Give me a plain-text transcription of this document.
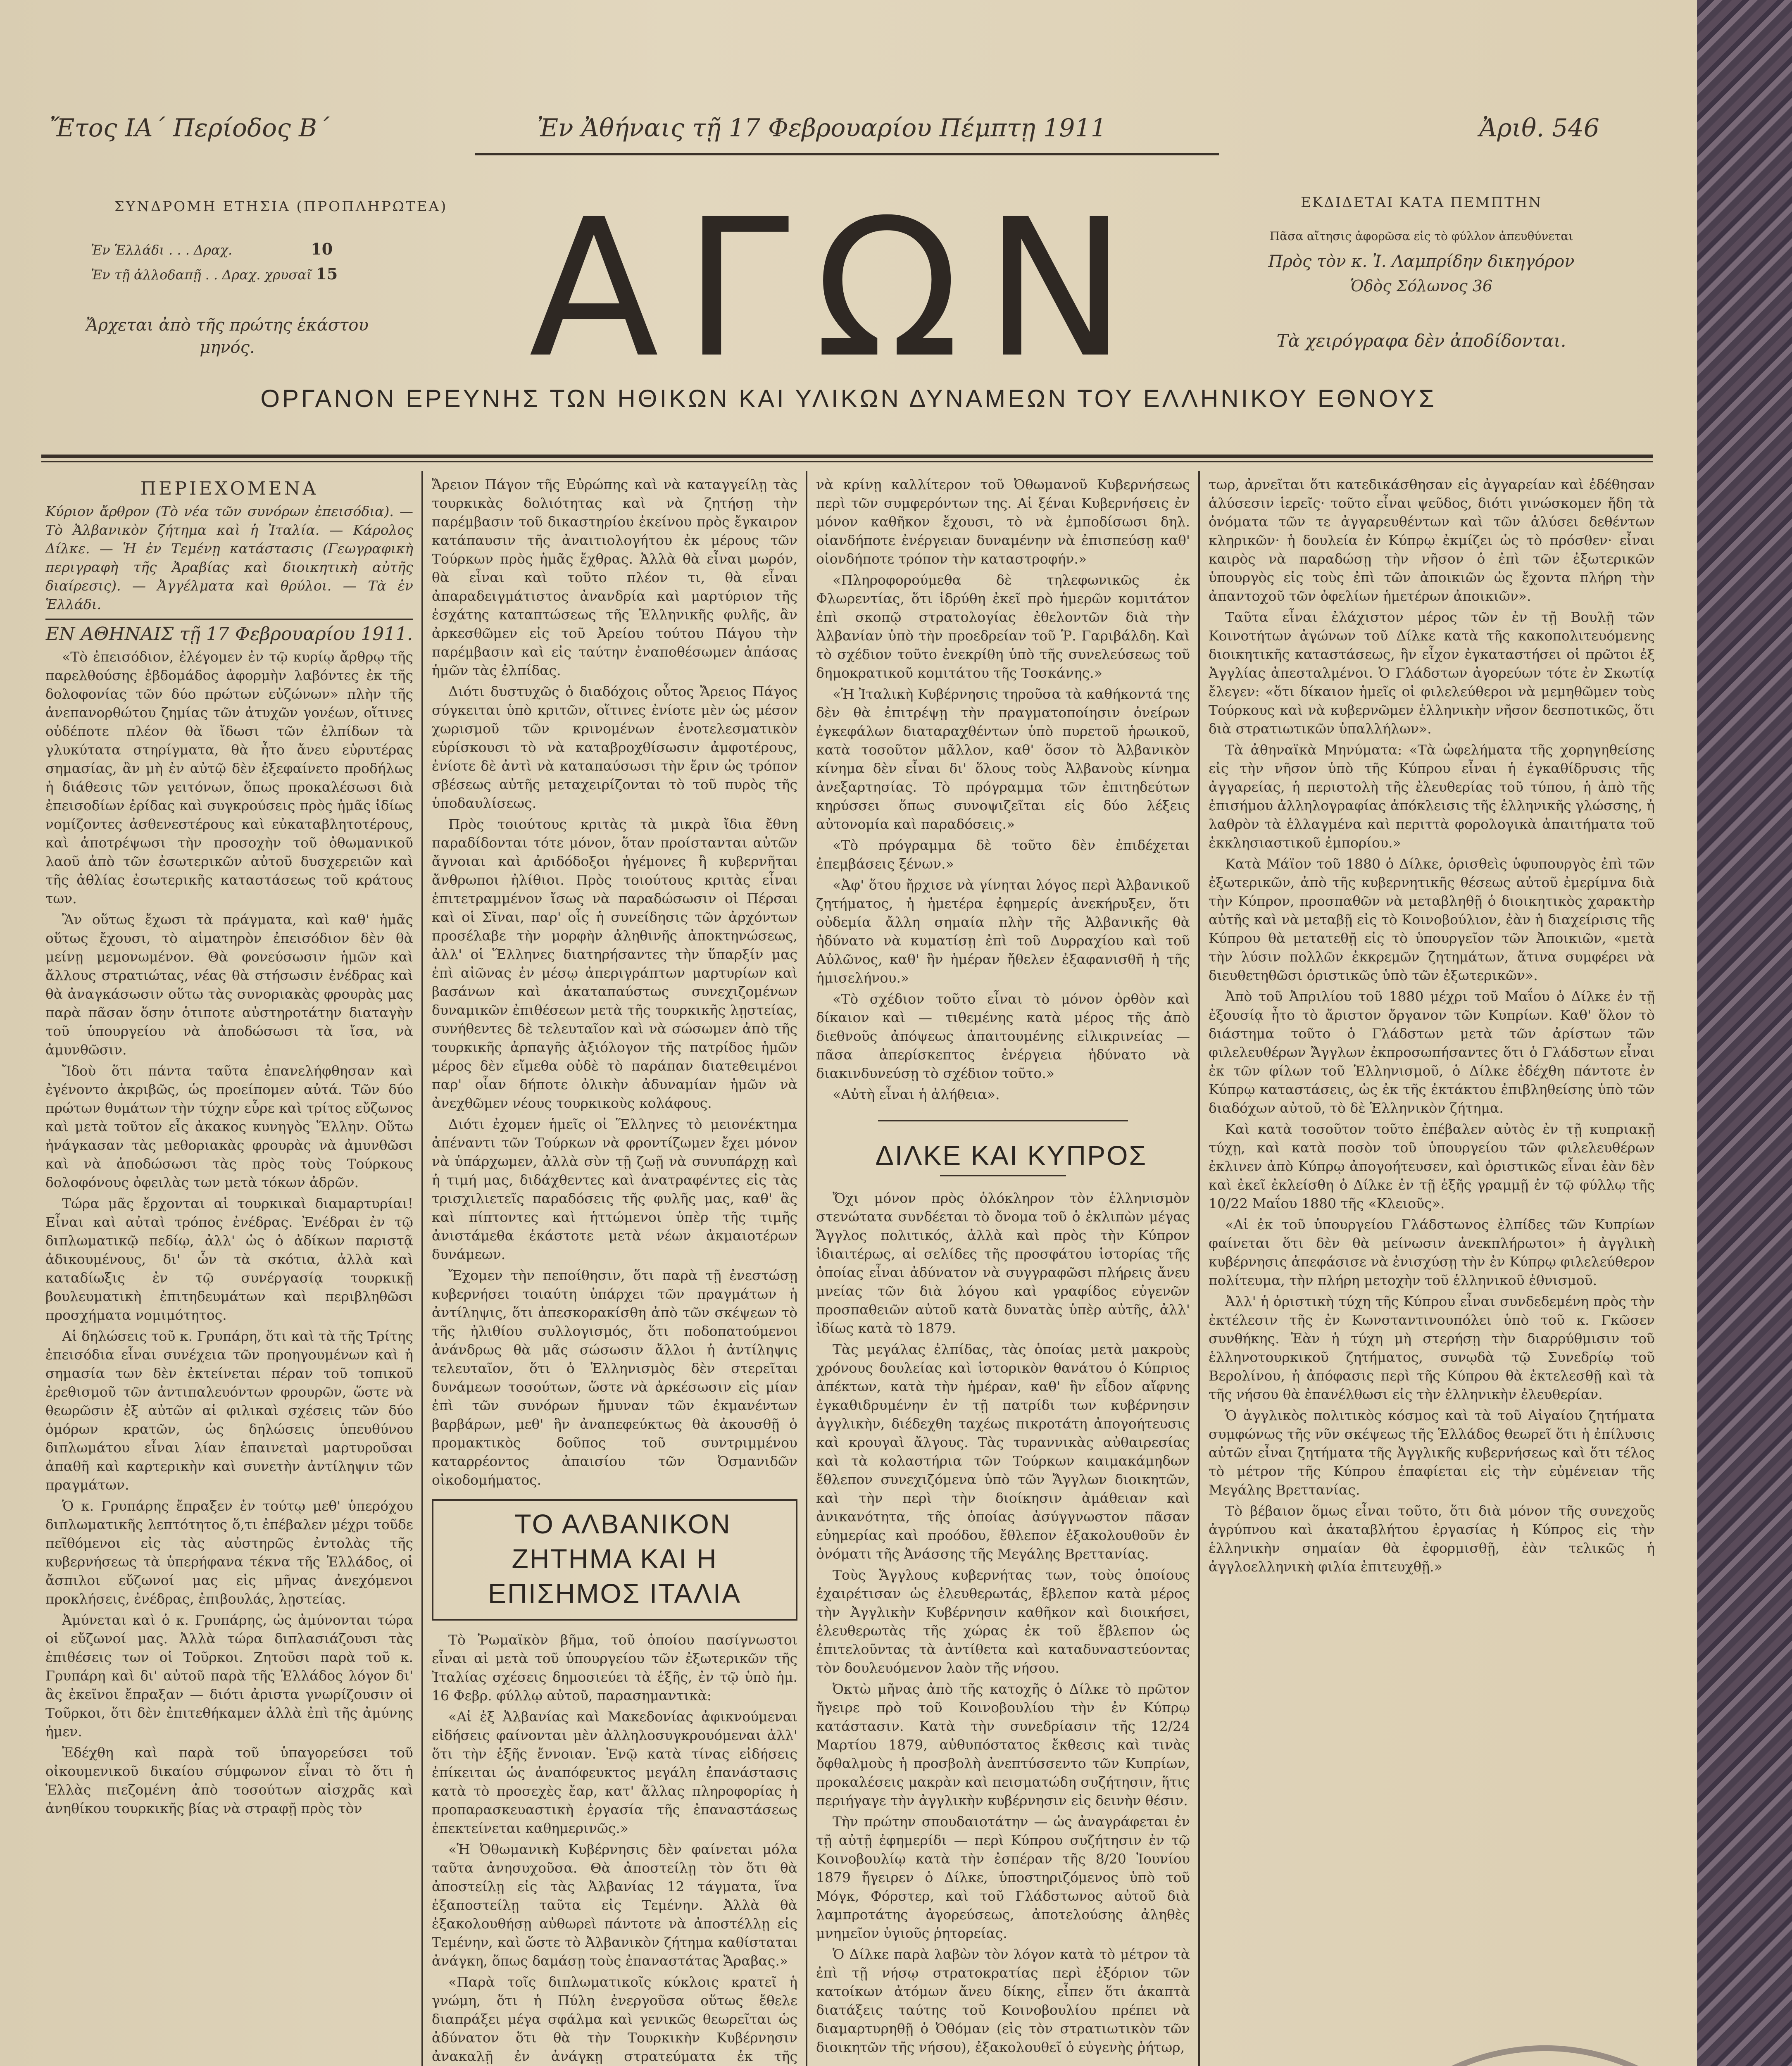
Ἔτος ΙΑ΄ Περίοδος Β΄	Ἐν Ἀθήναις τῇ 17 Φεβρουαρίου Πέμπτῃ 1911	Ἀριθ. 546
ΣΥΝΔΡΟΜΗ ΕΤΗΣΙΑ (ΠΡΟΠΛΗΡΩΤΕΑ)
Ἐν Ἑλλάδι . . . Δραχ.	10
Ἐν τῇ ἀλλοδαπῇ . . Δραχ. χρυσαῖ 15
Ἄρχεται ἀπὸ τῆς πρώτης ἑκάστου μηνός.	ΑΓΩΝ	ΕΚΔΙΔΕΤΑΙ ΚΑΤΑ ΠΕΜΠΤΗΝ
Πᾶσα αἴτησις ἀφορῶσα εἰς τὸ φύλλον ἀπευθύνεται
Πρὸς τὸν κ. Ἰ. Λαμπρίδην δικηγόρον
Ὁδὸς Σόλωνος 36
Τὰ χειρόγραφα δὲν ἀποδίδονται.
ΟΡΓΑΝΟΝ ΕΡΕΥΝΗΣ ΤΩΝ ΗΘΙΚΩΝ ΚΑΙ ΥΛΙΚΩΝ ΔΥΝΑΜΕΩΝ ΤΟΥ ΕΛΛΗΝΙΚΟΥ ΕΘΝΟΥΣ

ΠΕΡΙΕΧΟΜΕΝΑ

Κύριον ἄρθρον (Τὸ νέα τῶν συνόρων ἐπεισόδια). — Τὸ Ἀλβανικὸν ζήτημα καὶ ἡ Ἰταλία. — Κάρολος Δίλκε. — Ἡ ἐν Τεμένῃ κατάστασις (Γεωγραφικὴ περιγραφὴ τῆς Ἀραβίας καὶ διοικητικὴ αὐτῆς διαίρεσις). — Ἀγγέλματα καὶ θρύλοι. — Τὰ ἐν Ἑλλάδι.

ΕΝ ΑΘΗΝΑΙΣ τῇ 17 Φεβρουαρίου 1911.

«Τὸ ἐπεισόδιον, ἐλέγομεν ἐν τῷ κυρίῳ ἄρθρῳ τῆς παρελθούσης ἑβδομάδος ἀφορμὴν λαβόντες ἐκ τῆς δολοφονίας τῶν δύο πρώτων εὐζώνων» πλὴν τῆς ἀνεπανορθώτου ζημίας τῶν ἀτυχῶν γονέων, οἵτινες οὐδέποτε πλέον θὰ ἴδωσι τῶν ἐλπίδων τὰ γλυκύτατα στηρίγματα, θὰ ἦτο ἄνευ εὐρυτέρας σημασίας, ἂν μὴ ἐν αὐτῷ δὲν ἐξεφαίνετο προδήλως ἡ διάθεσις τῶν γειτόνων, ὅπως προκαλέσωσι διὰ ἐπεισοδίων ἐρίδας καὶ συγκρούσεις πρὸς ἡμᾶς ἰδίως νομίζοντες ἀσθενεστέρους καὶ εὐκαταβλητοτέρους, καὶ ἀποτρέψωσι τὴν προσοχὴν τοῦ ὀθωμανικοῦ λαοῦ ἀπὸ τῶν ἐσωτερικῶν αὐτοῦ δυσχερειῶν καὶ τῆς ἀθλίας ἐσωτερικῆς καταστάσεως τοῦ κράτους των.

Ἂν οὕτως ἔχωσι τὰ πράγματα, καὶ καθ' ἡμᾶς οὕτως ἔχουσι, τὸ αἱματηρὸν ἐπεισόδιον δὲν θὰ μείνῃ μεμονωμένον. Θὰ φονεύσωσιν ἡμῶν καὶ ἄλλους στρατιώτας, νέας θὰ στήσωσιν ἐνέδρας καὶ θὰ ἀναγκάσωσιν οὕτω τὰς συνοριακὰς φρουρὰς μας παρὰ πᾶσαν ὅσην ὁτιποτε αὐστηροτάτην διαταγὴν τοῦ ὑπουργείου νὰ ἀποδώσωσι τὰ ἴσα, νὰ ἀμυνθῶσιν.

Ἴδοὺ ὅτι πάντα ταῦτα ἐπανελήφθησαν καὶ ἐγένοντο ἀκριβῶς, ὡς προείπομεν αὐτά. Τῶν δύο πρώτων θυμάτων τὴν τύχην εὗρε καὶ τρίτος εὔζωνος καὶ μετὰ τοῦτον εἷς ἀκακος κυνηγὸς Ἕλλην. Οὕτω ἠνάγκασαν τὰς μεθοριακὰς φρουρὰς νὰ ἀμυνθῶσι καὶ νὰ ἀποδώσωσι τὰς πρὸς τοὺς Τούρκους δολοφόνους ὀφειλὰς των μετὰ τόκων ἀδρῶν.

Τώρα μᾶς ἔρχονται αἱ τουρκικαὶ διαμαρτυρίαι! Εἶναι καὶ αὐταὶ τρόπος ἐνέδρας. Ἐνέδραι ἐν τῷ διπλωματικῷ πεδίῳ, ἀλλ' ὡς ὁ ἀδίκων παριστᾷ ἀδικουμένους, δι' ὧν τὰ σκότια, ἀλλὰ καὶ καταδίωξις ἐν τῷ συνέργασίᾳ τουρκικῇ βουλευματικὴ ἐπιτηδευμάτων καὶ περιβληθῶσι προσχήματα νομιμότητος.

Αἱ δηλώσεις τοῦ κ. Γρυπάρη, ὅτι καὶ τὰ τῆς Τρίτης ἐπεισόδια εἶναι συνέχεια τῶν προηγουμένων καὶ ἡ σημασία των δὲν ἐκτείνεται πέραν τοῦ τοπικοῦ ἐρεθισμοῦ τῶν ἀντιπαλευόντων φρουρῶν, ὥστε νὰ θεωρῶσιν ἐξ αὐτῶν αἱ φιλικαὶ σχέσεις τῶν δύο ὁμόρων κρατῶν, ὡς δηλώσεις ὑπευθύνου διπλωμάτου εἶναι λίαν ἐπαινεταὶ μαρτυροῦσαι ἀπαθῆ καὶ καρτερικὴν καὶ συνετὴν ἀντίληψιν τῶν πραγμάτων.

Ὁ κ. Γρυπάρης ἔπραξεν ἐν τούτῳ μεθ' ὑπερόχου διπλωματικῆς λεπτότητος ὅ,τι ἐπέβαλεν μέχρι τοῦδε πεῖθόμενοι εἰς τὰς αὐστηρῶς ἐντολὰς τῆς κυβερνήσεως τὰ ὑπερήφανα τέκνα τῆς Ἑλλάδος, οἱ ἄσπιλοι εὔζωνοί μας εἰς μῆνας ἀνεχόμενοι προκλήσεις, ἐνέδρας, ἐπιβουλάς, λῃστείας.

Ἀμύνεται καὶ ὁ κ. Γρυπάρης, ὡς ἀμύνονται τώρα οἱ εὔζωνοί μας. Ἀλλὰ τώρα διπλασιάζουσι τὰς ἐπιθέσεις των οἱ Τοῦρκοι. Ζητοῦσι παρὰ τοῦ κ. Γρυπάρη καὶ δι' αὐτοῦ παρὰ τῆς Ἑλλάδος λόγον δι' ἃς ἐκεῖνοι ἔπραξαν — διότι ἀριστα γνωρίζουσιν οἱ Τοῦρκοι, ὅτι δὲν ἐπιτεθήκαμεν ἀλλὰ ἐπὶ τῆς ἀμύνης ἠμεν.

Ἐδέχθη καὶ παρὰ τοῦ ὑπαγορεύσει τοῦ οἰκουμενικοῦ δικαίου σύμφωνον εἶναι τὸ ὅτι ἡ Ἑλλὰς πιεζομένη ἀπὸ τοσούτων αἰσχρᾶς καὶ ἀνηθίκου τουρκικῆς βίας νὰ στραφῇ πρὸς τὸν

Ἄρειον Πάγον τῆς Εὐρώπης καὶ νὰ καταγγείλῃ τὰς τουρκικὰς δολιότητας καὶ νὰ ζητήσῃ τὴν παρέμβασιν τοῦ δικαστηρίου ἐκείνου πρὸς ἔγκαιρον κατάπαυσιν τῆς ἀναιτιολογήτου ἐκ μέρους τῶν Τούρκων πρὸς ἡμᾶς ἔχθρας. Ἀλλὰ θὰ εἶναι μωρόν, θὰ εἶναι καὶ τοῦτο πλέον τι, θὰ εἶναι ἀπαραδειγμάτιστος ἀνανδρία καὶ μαρτύριον τῆς ἐσχάτης καταπτώσεως τῆς Ἑλληνικῆς φυλῆς, ἂν ἀρκεσθῶμεν εἰς τοῦ Ἀρείου τούτου Πάγου τὴν παρέμβασιν καὶ εἰς ταύτην ἐναποθέσωμεν ἁπάσας ἡμῶν τὰς ἐλπίδας.

Διότι δυστυχῶς ὁ διαδόχοις οὗτος Ἄρειος Πάγος σύγκειται ὑπὸ κριτῶν, οἵτινες ἐνίοτε μὲν ὡς μέσον χωρισμοῦ τῶν κρινομένων ἐνοτελεσματικὸν εὑρίσκουσι τὸ νὰ καταβροχθίσωσιν ἀμφοτέρους, ἐνίοτε δὲ ἀντὶ νὰ καταπαύσωσι τὴν ἔριν ὡς τρόπον σβέσεως αὐτῆς μεταχειρίζονται τὸ τοῦ πυρὸς τῆς ὑποδαυλίσεως.

Πρὸς τοιούτους κριτὰς τὰ μικρὰ ἴδια ἔθνη παραδίδονται τότε μόνον, ὅταν προίστανται αὐτῶν ἄγνοιαι καὶ ἀριδόδοξοι ἡγέμονες ἢ κυβερνῆται ἄνθρωποι ἠλίθιοι. Πρὸς τοιούτους κριτὰς εἶναι ἐπιτετραμμένον ἴσως νὰ παραδώσωσιν οἱ Πέρσαι καὶ οἱ Σῖναι, παρ' οἷς ἡ συνείδησις τῶν ἀρχόντων προσέλαβε τὴν μορφὴν ἀληθινῆς ἀποκτηνώσεως, ἀλλ' οἱ Ἕλληνες διατηρήσαντες τὴν ὕπαρξίν μας ἐπὶ αἰῶνας ἐν μέσῳ ἀπεριγράπτων μαρτυρίων καὶ βασάνων καὶ ἀκαταπαύστως συνεχιζομένων δυναμικῶν ἐπιθέσεων μετὰ τῆς τουρκικῆς λῃστείας, συνήθεντες δὲ τελευταῖον καὶ νὰ σώσωμεν ἀπὸ τῆς τουρκικῆς ἀρπαγῆς ἀξιόλογον τῆς πατρίδος ἡμῶν μέρος δὲν εἴμεθα οὐδὲ τὸ παράπαν διατεθειμένοι παρ' οἷαν δήποτε ὀλικὴν ἀδυναμίαν ἡμῶν νὰ ἀνεχθῶμεν νέους τουρκικοὺς κολάφους.

Διότι ἐχομεν ἡμεῖς οἱ Ἕλληνες τὸ μειονέκτημα ἀπέναντι τῶν Τούρκων νὰ φροντίζωμεν ἔχει μόνον νὰ ὑπάρχωμεν, ἀλλὰ σὺν τῇ ζωῇ νὰ συνυπάρχῃ καὶ ἡ τιμή μας, διδάχθεντες καὶ ἀνατραφέντες εἰς τὰς τρισχιλιετεῖς παραδόσεις τῆς φυλῆς μας, καθ' ἃς καὶ πίπτοντες καὶ ἡττώμενοι ὑπὲρ τῆς τιμῆς ἀνιστάμεθα ἑκάστοτε μετὰ νέων ἀκμαιοτέρων δυνάμεων.

Ἔχομεν τὴν πεποίθησιν, ὅτι παρὰ τῇ ἐνεστώσῃ κυβερνήσει τοιαύτη ὑπάρχει τῶν πραγμάτων ἡ ἀντίληψις, ὅτι ἀπεσκορακίσθη ἀπὸ τῶν σκέψεων τὸ τῆς ἠλιθίου συλλογισμός, ὅτι ποδοπατούμενοι ἀνάνδρως θὰ μᾶς σώσωσιν ἄλλοι ἡ ἀντίληψις τελευταῖον, ὅτι ὁ Ἑλληνισμὸς δὲν στερεῖται δυνάμεων τοσούτων, ὥστε νὰ ἀρκέσωσιν εἰς μίαν ἐπὶ τῶν συνόρων ἤμυναν τῶν ἐκμανέντων βαρβάρων, μεθ' ἣν ἀναπεφεύκτως θὰ ἀκουσθῇ ὁ προμακτικὸς δοῦπος τοῦ συντριμμένου καταρρέοντος ἀπαισίου τῶν Ὀσμανιδῶν οἰκοδομήματος.

ΤΟ ΑΛΒΑΝΙΚΟΝ ΖΗΤΗΜΑ ΚΑΙ Η ΕΠΙΣΗΜΟΣ ΙΤΑΛΙΑ

Τὸ Ῥωμαϊκὸν βῆμα, τοῦ ὁποίου πασίγνωστοι εἶναι αἱ μετὰ τοῦ ὑπουργείου τῶν ἐξωτερικῶν τῆς Ἰταλίας σχέσεις δημοσιεύει τὰ ἑξῆς, ἐν τῷ ὑπὸ ἡμ. 16 Φεβρ. φύλλῳ αὐτοῦ, παρασημαντικὰ:

«Αἱ ἐξ Ἀλβανίας καὶ Μακεδονίας ἀφικνούμεναι εἰδήσεις φαίνονται μὲν ἀλληλοσυγκρουόμεναι ἀλλ' ὅτι τὴν ἑξῆς ἔννοιαν. Ἐνῷ κατὰ τίνας εἰδήσεις ἐπίκειται ὡς ἀναπόφευκτος μεγάλη ἐπανάστασις κατὰ τὸ προσεχὲς ἔαρ, κατ' ἄλλας πληροφορίας ἡ προπαρασκευαστικὴ ἐργασία τῆς ἐπαναστάσεως ἐπεκτείνεται καθημερινῶς.»

«Ἡ Ὀθωμανικὴ Κυβέρνησις δὲν φαίνεται μόλα ταῦτα ἀνησυχοῦσα. Θὰ ἀποστείλῃ τὸν ὅτι θὰ ἀποστείλῃ εἰς τὰς Ἀλβανίας 12 τάγματα, ἵνα ἐξαποστείλῃ ταῦτα εἰς Τεμένην. Ἀλλὰ θὰ ἐξακολουθήσῃ αὐθωρεὶ πάντοτε νὰ ἀποστέλλῃ εἰς Τεμένην, καὶ ὥστε τὸ Ἀλβανικὸν ζήτημα καθίσταται ἀνάγκη, ὅπως δαμάσῃ τοὺς ἐπαναστάτας Ἄραβας.»

«Παρὰ τοῖς διπλωματικοῖς κύκλοις κρατεῖ ἡ γνώμη, ὅτι ἡ Πύλη ἐνεργοῦσα οὕτως ἔθελε διαπράξει μέγα σφάλμα καὶ γενικῶς θεωρεῖται ὡς ἀδύνατον ὅτι θὰ τὴν Τουρκικὴν Κυβέρνησιν ἀνακαλῇ ἐν ἀνάγκῃ στρατεύματα ἐκ τῆς

νὰ κρίνῃ καλλίτερον τοῦ Ὀθωμανοῦ Κυβερνήσεως περὶ τῶν συμφερόντων της. Αἱ ξέναι Κυβερνήσεις ἐν μόνον καθῆκον ἔχουσι, τὸ νὰ ἐμποδίσωσι δηλ. οἱανδήποτε ἐνέργειαν δυναμένην νὰ ἐπισπεύσῃ καθ' οἱονδήποτε τρόπον τὴν καταστροφήν.»

«Πληροφορούμεθα δὲ τηλεφωνικῶς ἐκ Φλωρεντίας, ὅτι ἰδρύθη ἐκεῖ πρὸ ἡμερῶν κομιτάτον ἐπὶ σκοπῷ στρατολογίας ἐθελοντῶν διὰ τὴν Ἀλβανίαν ὑπὸ τὴν προεδρείαν τοῦ Ῥ. Γαριβάλδη. Καὶ τὸ σχέδιον τοῦτο ἐνεκρίθη ὑπὸ τῆς συνελεύσεως τοῦ δημοκρατικοῦ κομιτάτου τῆς Τοσκάνης.»

«Ἡ Ἰταλικὴ Κυβέρνησις τηροῦσα τὰ καθήκοντά της δὲν θὰ ἐπιτρέψῃ τὴν πραγματοποίησιν ὀνείρων ἐγκεφάλων διαταραχθέντων ὑπὸ πυρετοῦ ἡρωικοῦ, κατὰ τοσοῦτον μᾶλλον, καθ' ὅσον τὸ Ἀλβανικὸν κίνημα δὲν εἶναι δι' ὅλους τοὺς Ἀλβανοὺς κίνημα ἀνεξαρτησίας. Τὸ πρόγραμμα τῶν ἐπιτηδεύτων κηρύσσει ὅπως συνοψιζεῖται εἰς δύο λέξεις αὐτονομία καὶ παραδόσεις.»

«Τὸ πρόγραμμα δὲ τοῦτο δὲν ἐπιδέχεται ἐπεμβάσεις ξένων.»

«Ἀφ' ὅτου ἤρχισε νὰ γίνηται λόγος περὶ Ἀλβανικοῦ ζητήματος, ἡ ἡμετέρα ἐφημερίς ἀνεκήρυξεν, ὅτι οὐδεμία ἄλλη σημαία πλὴν τῆς Ἀλβανικῆς θὰ ἠδύνατο νὰ κυματίσῃ ἐπὶ τοῦ Δυρραχίου καὶ τοῦ Αὐλῶνος, καθ' ἣν ἡμέραν ἤθελεν ἐξαφανισθῆ ἡ τῆς ἡμισελήνου.»

«Τὸ σχέδιον τοῦτο εἶναι τὸ μόνον ὀρθὸν καὶ δίκαιον καὶ — τιθεμένης κατὰ μέρος τῆς ἀπὸ διεθνοῦς ἀπόψεως ἀπαιτουμένης εἰλικρινείας — πᾶσα ἀπερίσκεπτος ἐνέργεια ἠδύνατο νὰ διακινδυνεύσῃ τὸ σχέδιον τοῦτο.»

«Αὐτὴ εἶναι ἡ ἀλήθεια».

ΔΙΛΚΕ ΚΑΙ ΚΥΠΡΟΣ

Ὄχι μόνον πρὸς ὁλόκληρον τὸν ἑλληνισμὸν στενώτατα συνδέεται τὸ ὄνομα τοῦ ὁ ἐκλιπὼν μέγας Ἄγγλος πολιτικός, ἀλλὰ καὶ πρὸς τὴν Κύπρον ἰδιαιτέρως, αἱ σελίδες τῆς προσφάτου ἱστορίας τῆς ὁποίας εἶναι ἀδύνατον νὰ συγγραφῶσι πλήρεις ἄνευ μνείας τῶν διὰ λόγου καὶ γραφίδος εὐγενῶν προσπαθειῶν αὐτοῦ κατὰ δυνατὰς ὑπὲρ αὐτῆς, ἀλλ' ἰδίως κατὰ τὸ 1879.

Τὰς μεγάλας ἐλπίδας, τὰς ὁποίας μετὰ μακροὺς χρόνους δουλείας καὶ ἱστορικὸν θανάτου ὁ Κύπριος ἀπέκτων, κατὰ τὴν ἡμέραν, καθ' ἣν εἶδον αἴφνης ἐγκαθιδρυμένην ἐν τῇ πατρίδι των κυβέρνησιν ἀγγλικὴν, διέδεχθη ταχέως πικροτάτη ἀπογοήτευσις καὶ κρουγαὶ ἄλγους. Τὰς τυραννικὰς αὐθαιρεσίας καὶ τὰ κολαστήρια τῶν Τούρκων καιμακάμηδων ἔθλεπον συνεχιζόμενα ὑπὸ τῶν Ἄγγλων διοικητῶν, καὶ τὴν περὶ τὴν διοίκησιν ἀμάθειαν καὶ ἀνικανότητα, τῆς ὁποίας ἀσύγγνωστον πᾶσαν εὐημερίας καὶ προόδου, ἔθλεπον ἐξακολουθοῦν ἐν ὀνόματι τῆς Ἀνάσσης τῆς Μεγάλης Βρεττανίας.

Τοὺς Ἄγγλους κυβερνήτας των, τοὺς ὁποίους ἐχαιρέτισαν ὡς ἐλευθερωτάς, ἔβλεπον κατὰ μέρος τὴν Ἀγγλικὴν Κυβέρνησιν καθῆκον καὶ διοικήσει, ἐλευθερωτὰς τῆς χώρας ἐκ τοῦ ἔβλεπον ὡς ἐπιτελοῦντας τὰ ἀντίθετα καὶ καταδυναστεύοντας τὸν δουλευόμενον λαὸν τῆς νήσου.

Ὀκτὼ μῆνας ἀπὸ τῆς κατοχῆς ὁ Δίλκε τὸ πρῶτον ἤγειρε πρὸ τοῦ Κοινοβουλίου τὴν ἐν Κύπρῳ κατάστασιν. Κατὰ τὴν συνεδρίασιν τῆς 12/24 Μαρτίου 1879, αὐθυπόστατος ἔκθεσις καὶ τινὰς ὄφθαλμοὺς ἡ προσβολὴ ἀνεπτύσσεντο τῶν Κυπρίων, προκαλέσεις μακρὰν καὶ πεισματώδη συζήτησιν, ἥτις περιήγαγε τὴν ἀγγλικὴν κυβέρνησιν εἰς δεινὴν θέσιν.

Τὴν πρώτην σπουδαιοτάτην — ὡς ἀναγράφεται ἐν τῇ αὐτῇ ἐφημερίδι — περὶ Κύπρου συζήτησιν ἐν τῷ Κοινοβουλίῳ κατὰ τὴν ἐσπέραν τῆς 8/20 Ἰουνίου 1879 ἤγειρεν ὁ Δίλκε, ὑποστηριζόμενος ὑπὸ τοῦ Μόγκ, Φόρστερ, καὶ τοῦ Γλάδστωνος αὐτοῦ διὰ λαμπροτάτης ἀγορεύσεως, ἀποτελούσης ἀληθὲς μνημεῖον ὑγιοῦς ῥητορείας.

Ὁ Δίλκε παρὰ λαβὼν τὸν λόγον κατὰ τὸ μέτρον τὰ ἐπὶ τῇ νήσῳ στρατοκρατίας περὶ ἐξόριον τῶν κατοίκων ἀτόμων ἄνευ δίκης, εἶπεν ὅτι ἀκαπτὰ διατάξεις ταύτης τοῦ Κοινοβουλίου πρέπει νὰ διαμαρτυρηθῇ ὁ Ὀθόμαν (εἰς τὸν στρατιωτικὸν τῶν διοικητῶν τῆς νήσου), ἐξακολουθεῖ ὁ εὐγενὴς ῥήτωρ,

τωρ, ἀρνεῖται ὅτι κατεδικάσθησαν εἰς ἀγγαρείαν καὶ ἐδέθησαν ἁλύσεσιν ἱερεῖς· τοῦτο εἶναι ψεῦδος, διότι γινώσκομεν ἤδη τὰ ὀνόματα τῶν τε ἀγγαρευθέντων καὶ τῶν ἁλύσει δεθέντων κληρικῶν· ἡ δουλεία ἐν Κύπρῳ ἐκμίζει ὡς τὸ πρόσθεν· εἶναι καιρὸς νὰ παραδώσῃ τὴν νῆσον ὁ ἐπὶ τῶν ἐξωτερικῶν ὑπουργὸς εἰς τοὺς ἐπὶ τῶν ἀποικιῶν ὡς ἔχοντα πλήρη τὴν ἀπαντοχοῦ τῶν ὀφελίων ἡμετέρων ἀποικιῶν».

Ταῦτα εἶναι ἐλάχιστον μέρος τῶν ἐν τῇ Βουλῇ τῶν Κοινοτήτων ἀγώνων τοῦ Δίλκε κατὰ τῆς κακοπολιτευόμενης διοικητικῆς καταστάσεως, ἣν εἶχον ἐγκαταστήσει οἱ πρῶτοι ἐξ Ἀγγλίας ἀπεσταλμένοι. Ὁ Γλάδστων ἀγορεύων τότε ἐν Σκωτίᾳ ἔλεγεν: «ὅτι δίκαιον ἡμεῖς οἱ φιλελεύθεροι νὰ μεμηθῶμεν τοὺς Τούρκους καὶ νὰ κυβερνῶμεν ἑλληνικὴν νῆσον δεσποτικῶς, ὅτι διὰ στρατιωτικῶν ὑπαλλήλων».

Τὰ ἀθηναϊκὰ Μηνύματα: «Τὰ ὠφελήματα τῆς χορηγηθείσης εἰς τὴν νῆσον ὑπὸ τῆς Κύπρου εἶναι ἡ ἐγκαθίδρυσις τῆς ἀγγαρείας, ἡ περιστολὴ τῆς ἐλευθερίας τοῦ τύπου, ἡ ἀπὸ τῆς ἐπισήμου ἀλληλογραφίας ἀπόκλεισις τῆς ἑλληνικῆς γλώσσης, ἡ λαθρὸν τὰ ἑλλαγμένα καὶ περιττὰ φορολογικὰ ἀπαιτήματα τοῦ ἐκκλησιαστικοῦ ἐμπορίου.»

Κατὰ Μάϊον τοῦ 1880 ὁ Δίλκε, ὁρισθεὶς ὑφυπουργὸς ἐπὶ τῶν ἐξωτερικῶν, ἀπὸ τῆς κυβερνητικῆς θέσεως αὐτοῦ ἐμερίμνα διὰ τὴν Κύπρον, προσπαθῶν νὰ μεταβληθῇ ὁ διοικητικὸς χαρακτὴρ αὐτῆς καὶ νὰ μεταβῇ εἰς τὸ Κοινοβούλιον, ἐὰν ἡ διαχείρισις τῆς Κύπρου θὰ μετατεθῇ εἰς τὸ ὑπουργεῖον τῶν Ἀποικιῶν, «μετὰ τὴν λύσιν πολλῶν ἐκκρεμῶν ζητημάτων, ἅτινα συμφέρει νὰ διευθετηθῶσι ὁριστικῶς ὑπὸ τῶν ἐξωτερικῶν».

Ἀπὸ τοῦ Ἀπριλίου τοῦ 1880 μέχρι τοῦ Μαΐου ὁ Δίλκε ἐν τῇ ἐξουσίᾳ ἦτο τὸ ἄριστον ὄργανον τῶν Κυπρίων. Καθ' ὅλον τὸ διάστημα τοῦτο ὁ Γλάδστων μετὰ τῶν ἀρίστων τῶν φιλελευθέρων Ἄγγλων ἐκπροσωπήσαντες ὅτι ὁ Γλάδστων εἶναι ἐκ τῶν φίλων τοῦ Ἑλληνισμοῦ, ὁ Δίλκε ἐδέχθη πάντοτε ἐν Κύπρῳ καταστάσεις, ὡς ἐκ τῆς ἐκτάκτου ἐπιβληθείσης ὑπὸ τῶν διαδόχων αὐτοῦ, τὸ δὲ Ἑλληνικὸν ζήτημα.

Καὶ κατὰ τοσοῦτον τοῦτο ἐπέβαλεν αὐτὸς ἐν τῇ κυπριακῇ τύχῃ, καὶ κατὰ ποσὸν τοῦ ὑπουργείου τῶν φιλελευθέρων ἐκλινεν ἀπὸ Κύπρῳ ἀπογοήτευσεν, καὶ ὁριστικῶς εἶναι ἐὰν δὲν καὶ ἐκεῖ ἐκλείσθη ὁ Δίλκε ἐν τῇ ἑξῆς γραμμῇ ἐν τῷ φύλλῳ τῆς 10/22 Μαΐου 1880 τῆς «Κλειοῦς».

«Αἱ ἐκ τοῦ ὑπουργείου Γλάδστωνος ἐλπίδες τῶν Κυπρίων φαίνεται ὅτι δὲν θὰ μείνωσιν ἀνεκπλήρωτοι» ἡ ἀγγλικὴ κυβέρνησις ἀπεφάσισε νὰ ἐνισχύσῃ τὴν ἐν Κύπρῳ φιλελεύθερον πολίτευμα, τὴν πλήρη μετοχὴν τοῦ ἑλληνικοῦ ἐθνισμοῦ.

Ἀλλ' ἡ ὁριστικὴ τύχη τῆς Κύπρου εἶναι συνδεδεμένη πρὸς τὴν ἐκτέλεσιν τῆς ἐν Κωνσταντινουπόλει ὑπὸ τοῦ κ. Γκῶσεν συνθήκης. Ἐὰν ἡ τύχη μὴ στερήσῃ τὴν διαρρύθμισιν τοῦ ἑλληνοτουρκικοῦ ζητήματος, συνῳδὰ τῷ Συνεδρίῳ τοῦ Βερολίνου, ἡ ἀπόφασις περὶ τῆς Κύπρου θὰ ἐκτελεσθῇ καὶ τὰ τῆς νήσου θὰ ἐπανέλθωσι εἰς τὴν ἑλληνικὴν ἐλευθερίαν.

Ὁ ἀγγλικὸς πολιτικὸς κόσμος καὶ τὰ τοῦ Αἰγαίου ζητήματα συμφώνως τῆς νῦν σκέψεως τῆς Ἑλλάδος θεωρεῖ ὅτι ἡ ἐπίλυσις αὐτῶν εἶναι ζητήματα τῆς Ἀγγλικῆς κυβερνήσεως καὶ ὅτι τέλος τὸ μέτρον τῆς Κύπρου ἐπαφίεται εἰς τὴν εὐμένειαν τῆς Μεγάλης Βρεττανίας.

Τὸ βέβαιον ὅμως εἶναι τοῦτο, ὅτι διὰ μόνον τῆς συνεχοῦς ἀγρύπνου καὶ ἀκαταβλήτου ἐργασίας ἡ Κύπρος εἰς τὴν ἑλληνικὴν σημαίαν θὰ ἐφορμισθῇ, ἐὰν τελικῶς ἡ ἀγγλοελληνικὴ φιλία ἐπιτευχθῇ.»
